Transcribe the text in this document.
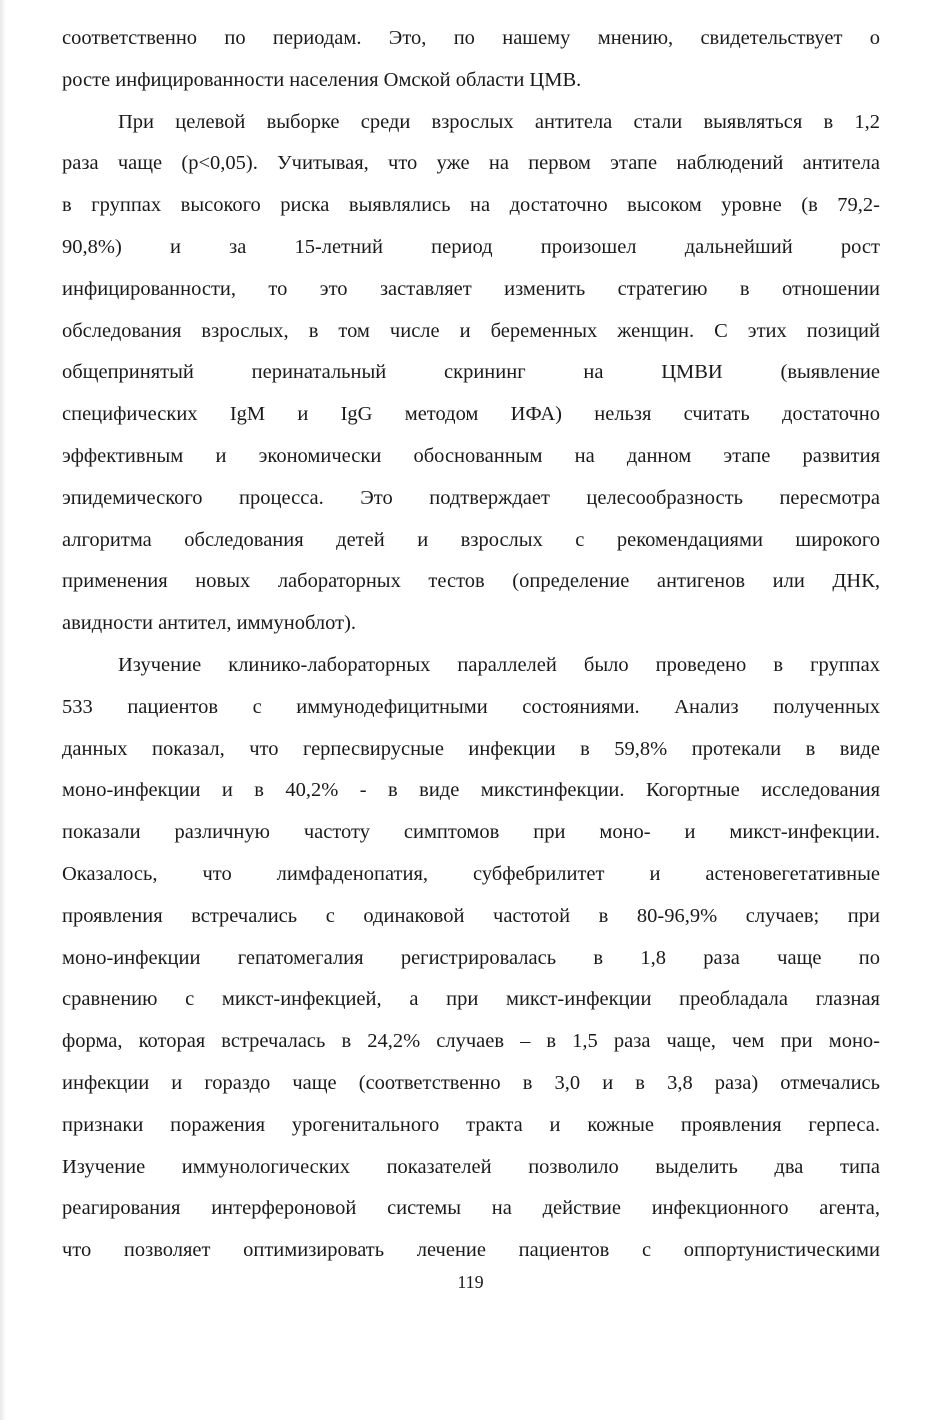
соответственно по периодам. Это, по нашему мнению, свидетельствует о
росте инфицированности населения Омской области ЦМВ.
При целевой выборке среди взрослых антитела стали выявляться в 1,2
раза чаще (р<0,05). Учитывая, что уже на первом этапе наблюдений антитела
в группах высокого риска выявлялись на достаточно высоком уровне (в 79,2-
90,8%) и за 15-летний период произошел дальнейший рост
инфицированности, то это заставляет изменить стратегию в отношении
обследования взрослых, в том числе и беременных женщин. С этих позиций
общепринятый перинатальный скрининг на ЦМВИ (выявление
специфических IgM и IgG методом ИФА) нельзя считать достаточно
эффективным и экономически обоснованным на данном этапе развития
эпидемического процесса. Это подтверждает целесообразность пересмотра
алгоритма обследования детей и взрослых с рекомендациями широкого
применения новых лабораторных тестов (определение антигенов или ДНК,
авидности антител, иммуноблот).
Изучение клинико-лабораторных параллелей было проведено в группах
533 пациентов с иммунодефицитными состояниями. Анализ полученных
данных показал, что герпесвирусные инфекции в 59,8% протекали в виде
моно-инфекции и в 40,2% - в виде микстинфекции. Когортные исследования
показали различную частоту симптомов при моно- и микст-инфекции.
Оказалось, что лимфаденопатия, субфебрилитет и астеновегетативные
проявления встречались с одинаковой частотой в 80-96,9% случаев; при
моно-инфекции гепатомегалия регистрировалась в 1,8 раза чаще по
сравнению с микст-инфекцией, а при микст-инфекции преобладала глазная
форма, которая встречалась в 24,2% случаев – в 1,5 раза чаще, чем при моно-
инфекции и гораздо чаще (соответственно в 3,0 и в 3,8 раза) отмечались
признаки поражения урогенитального тракта и кожные проявления герпеса.
Изучение иммунологических показателей позволило выделить два типа
реагирования интерфероновой системы на действие инфекционного агента,
что позволяет оптимизировать лечение пациентов с оппортунистическими
119
